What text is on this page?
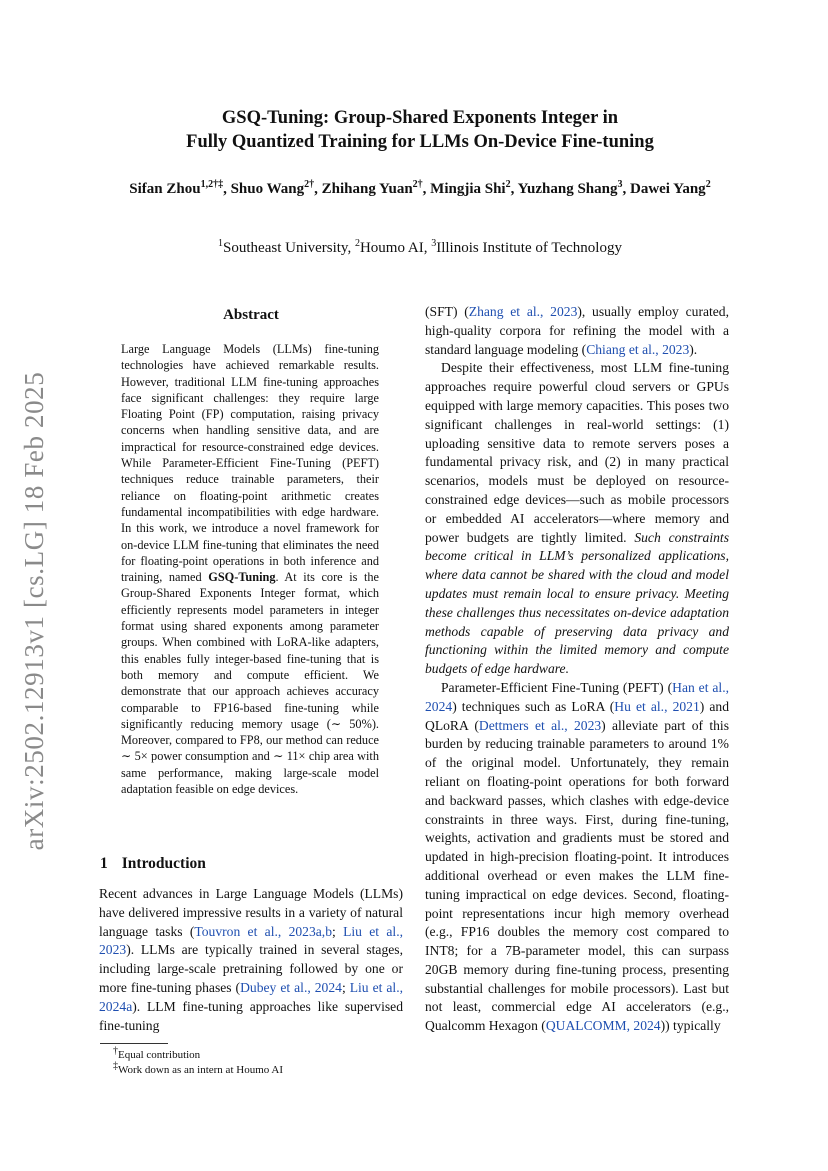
arXiv:2502.12913v1 [cs.LG] 18 Feb 2025
GSQ-Tuning: Group-Shared Exponents Integer in
Fully Quantized Training for LLMs On-Device Fine-tuning
Sifan Zhou$^{1,2\dagger\ddagger}$, Shuo Wang$^{2\dagger}$, Zhihang Yuan$^{2\dagger}$, Mingjia Shi$^2$, Yuzhang Shang$^3$, Dawei Yang$^2$
$^1$Southeast University, $^2$Houmo AI, $^3$Illinois Institute of Technology
Abstract

Large Language Models (LLMs) fine-tuning technologies have achieved remarkable results. However, traditional LLM fine-tuning approaches face significant challenges: they require large Floating Point (FP) computation, raising privacy concerns when handling sensitive data, and are impractical for resource-constrained edge devices. While Parameter-Efficient Fine-Tuning (PEFT) techniques reduce trainable parameters, their reliance on floating-point arithmetic creates fundamental incompatibilities with edge hardware. In this work, we introduce a novel framework for on-device LLM fine-tuning that eliminates the need for floating-point operations in both inference and training, named GSQ-Tuning. At its core is the Group-Shared Exponents Integer format, which efficiently represents model parameters in integer format using shared exponents among parameter groups. When combined with LoRA-like adapters, this enables fully integer-based fine-tuning that is both memory and compute efficient. We demonstrate that our approach achieves accuracy comparable to FP16-based fine-tuning while significantly reducing memory usage (∼ 50%). Moreover, compared to FP8, our method can reduce ∼ 5× power consumption and ∼ 11× chip area with same performance, making large-scale model adaptation feasible on edge devices.

1 Introduction

Recent advances in Large Language Models (LLMs) have delivered impressive results in a variety of natural language tasks (Touvron et al., 2023a,b; Liu et al., 2023). LLMs are typically trained in several stages, including large-scale pretraining followed by one or more fine-tuning phases (Dubey et al., 2024; Liu et al., 2024a). LLM fine-tuning approaches like supervised fine-tuning

†Equal contribution
‡Work down as an intern at Houmo AI

(SFT) (Zhang et al., 2023), usually employ curated, high-quality corpora for refining the model with a standard language modeling (Chiang et al., 2023).

Despite their effectiveness, most LLM fine-tuning approaches require powerful cloud servers or GPUs equipped with large memory capacities. This poses two significant challenges in real-world settings: (1) uploading sensitive data to remote servers poses a fundamental privacy risk, and (2) in many practical scenarios, models must be deployed on resource-constrained edge devices—such as mobile processors or embedded AI accelerators—where memory and power budgets are tightly limited. Such constraints become critical in LLM’s personalized applications, where data cannot be shared with the cloud and model updates must remain local to ensure privacy. Meeting these challenges thus necessitates on-device adaptation methods capable of preserving data privacy and functioning within the limited memory and compute budgets of edge hardware.

Parameter-Efficient Fine-Tuning (PEFT) (Han et al., 2024) techniques such as LoRA (Hu et al., 2021) and QLoRA (Dettmers et al., 2023) alleviate part of this burden by reducing trainable parameters to around 1% of the original model. Unfortunately, they remain reliant on floating-point operations for both forward and backward passes, which clashes with edge-device constraints in three ways. First, during fine-tuning, weights, activation and gradients must be stored and updated in high-precision floating-point. It introduces additional overhead or even makes the LLM fine-tuning impractical on edge devices. Second, floating-point representations incur high memory overhead (e.g., FP16 doubles the memory cost compared to INT8; for a 7B-parameter model, this can surpass 20GB memory during fine-tuning process, presenting substantial challenges for mobile processors). Last but not least, commercial edge AI accelerators (e.g., Qualcomm Hexagon (QUALCOMM, 2024)) typically
